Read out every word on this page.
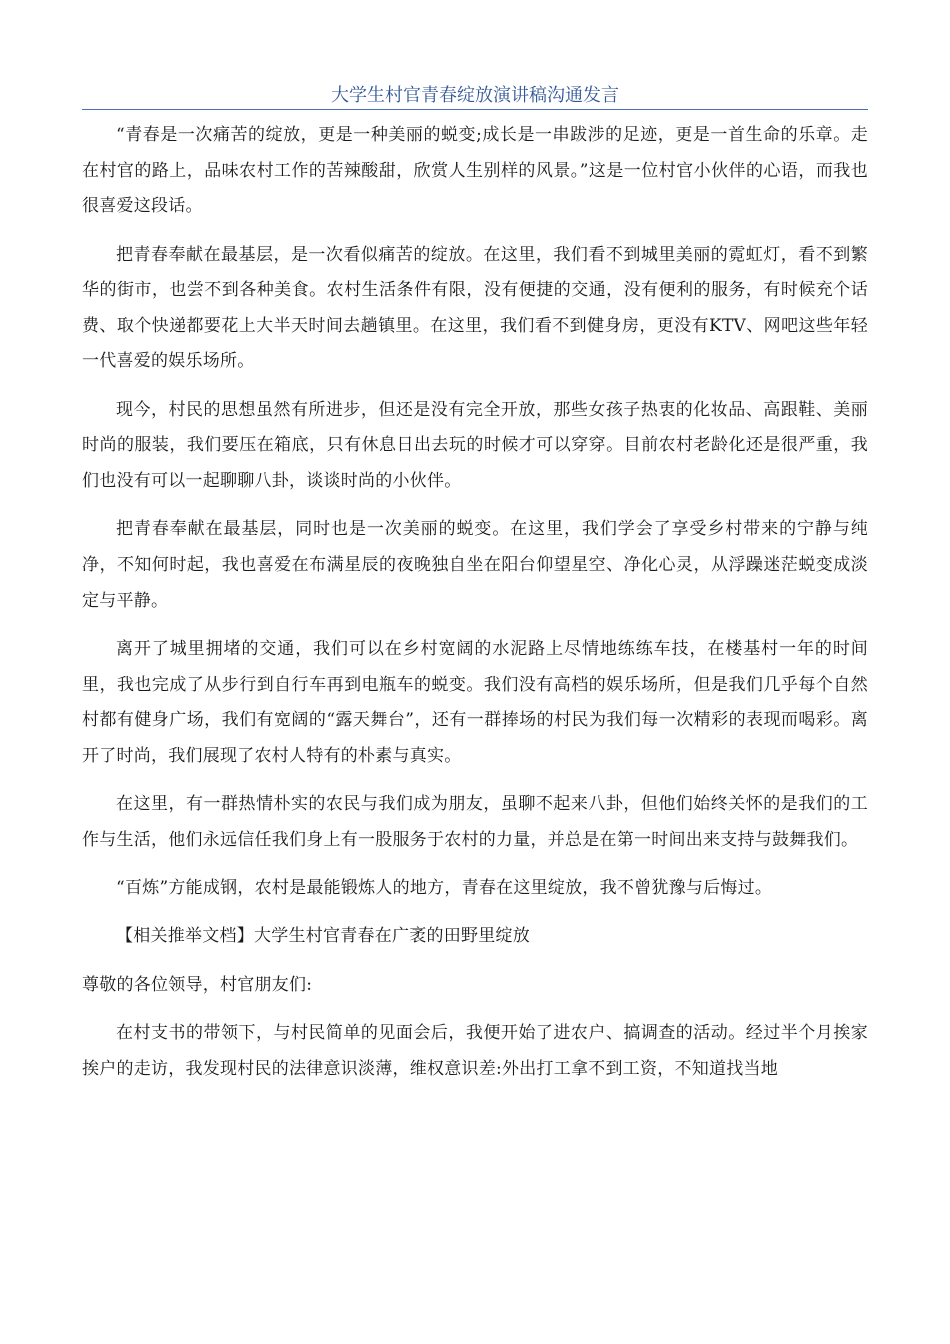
大学生村官青春绽放演讲稿沟通发言

“青春是一次痛苦的绽放，更是一种美丽的蜕变;成长是一串跋涉的足迹，更是一首生命的乐章。走在村官的路上，品味农村工作的苦辣酸甜，欣赏人生别样的风景。”这是一位村官小伙伴的心语，而我也很喜爱这段话。

把青春奉献在最基层，是一次看似痛苦的绽放。在这里，我们看不到城里美丽的霓虹灯，看不到繁华的街市，也尝不到各种美食。农村生活条件有限，没有便捷的交通，没有便利的服务，有时候充个话费、取个快递都要花上大半天时间去趟镇里。在这里，我们看不到健身房，更没有KTV、网吧这些年轻一代喜爱的娱乐场所。

现今，村民的思想虽然有所进步，但还是没有完全开放，那些女孩子热衷的化妆品、高跟鞋、美丽时尚的服装，我们要压在箱底，只有休息日出去玩的时候才可以穿穿。目前农村老龄化还是很严重，我们也没有可以一起聊聊八卦，谈谈时尚的小伙伴。

把青春奉献在最基层，同时也是一次美丽的蜕变。在这里，我们学会了享受乡村带来的宁静与纯净，不知何时起，我也喜爱在布满星辰的夜晚独自坐在阳台仰望星空、净化心灵，从浮躁迷茫蜕变成淡定与平静。

离开了城里拥堵的交通，我们可以在乡村宽阔的水泥路上尽情地练练车技，在楼基村一年的时间里，我也完成了从步行到自行车再到电瓶车的蜕变。我们没有高档的娱乐场所，但是我们几乎每个自然村都有健身广场，我们有宽阔的“露天舞台”，还有一群捧场的村民为我们每一次精彩的表现而喝彩。离开了时尚，我们展现了农村人特有的朴素与真实。

在这里，有一群热情朴实的农民与我们成为朋友，虽聊不起来八卦，但他们始终关怀的是我们的工作与生活，他们永远信任我们身上有一股服务于农村的力量，并总是在第一时间出来支持与鼓舞我们。

“百炼”方能成钢，农村是最能锻炼人的地方，青春在这里绽放，我不曾犹豫与后悔过。

【相关推举文档】大学生村官青春在广袤的田野里绽放

尊敬的各位领导，村官朋友们:

在村支书的带领下，与村民简单的见面会后，我便开始了进农户、搞调查的活动。经过半个月挨家挨户的走访，我发现村民的法律意识淡薄，维权意识差:外出打工拿不到工资，不知道找当地
